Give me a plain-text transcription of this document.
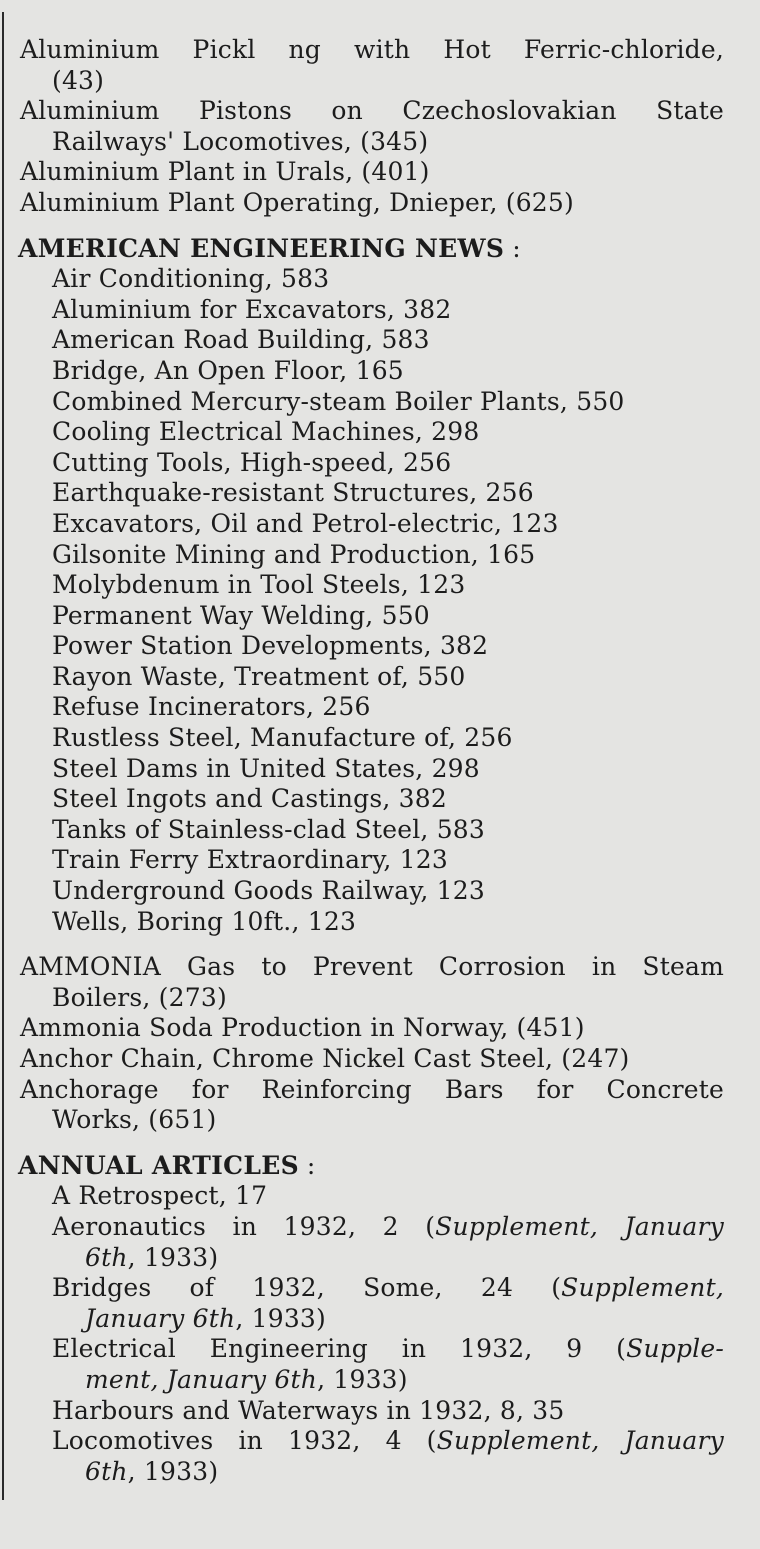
Aluminium Pickl ng with Hot Ferric-chloride,
(43)
Aluminium Pistons on Czechoslovakian State
Railways' Locomotives, (345)
Aluminium Plant in Urals, (401)
Aluminium Plant Operating, Dnieper, (625)
AMERICAN ENGINEERING NEWS :
Air Conditioning, 583
Aluminium for Excavators, 382
American Road Building, 583
Bridge, An Open Floor, 165
Combined Mercury-steam Boiler Plants, 550
Cooling Electrical Machines, 298
Cutting Tools, High-speed, 256
Earthquake-resistant Structures, 256
Excavators, Oil and Petrol-electric, 123
Gilsonite Mining and Production, 165
Molybdenum in Tool Steels, 123
Permanent Way Welding, 550
Power Station Developments, 382
Rayon Waste, Treatment of, 550
Refuse Incinerators, 256
Rustless Steel, Manufacture of, 256
Steel Dams in United States, 298
Steel Ingots and Castings, 382
Tanks of Stainless-clad Steel, 583
Train Ferry Extraordinary, 123
Underground Goods Railway, 123
Wells, Boring 10ft., 123
AMMONIA Gas to Prevent Corrosion in Steam
Boilers, (273)
Ammonia Soda Production in Norway, (451)
Anchor Chain, Chrome Nickel Cast Steel, (247)
Anchorage for Reinforcing Bars for Concrete
Works, (651)
ANNUAL ARTICLES :
A Retrospect, 17
Aeronautics in 1932, 2 (Supplement, January
6th, 1933)
Bridges of 1932, Some, 24 (Supplement,
January 6th, 1933)
Electrical Engineering in 1932, 9 (Supple-
ment, January 6th, 1933)
Harbours and Waterways in 1932, 8, 35
Locomotives in 1932, 4 (Supplement, January
6th, 1933)
